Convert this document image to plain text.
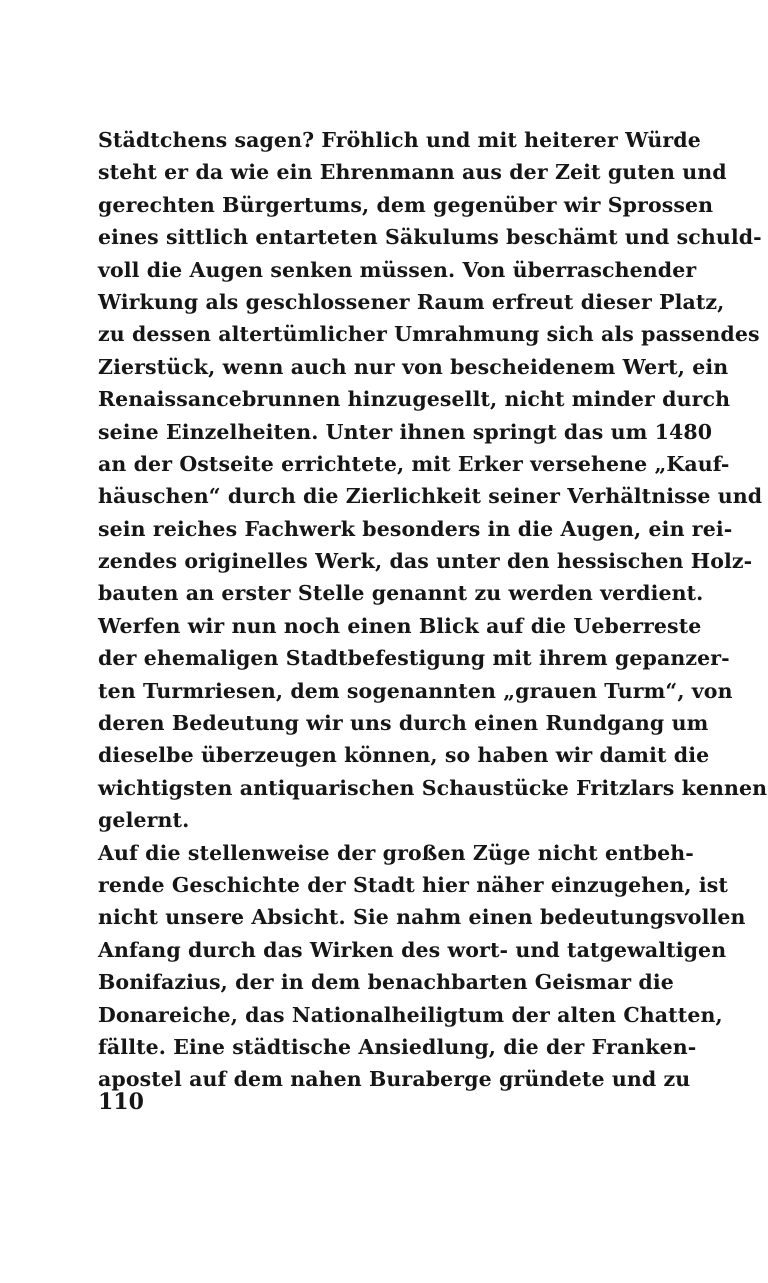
Städtchens sagen? Fröhlich und mit heiterer Würde
steht er da wie ein Ehrenmann aus der Zeit guten und
gerechten Bürgertums, dem gegenüber wir Sprossen
eines sittlich entarteten Säkulums beschämt und schuld-
voll die Augen senken müssen. Von überraschender
Wirkung als geschlossener Raum erfreut dieser Platz,
zu dessen altertümlicher Umrahmung sich als passendes
Zierstück, wenn auch nur von bescheidenem Wert, ein
Renaissancebrunnen hinzugesellt, nicht minder durch
seine Einzelheiten. Unter ihnen springt das um 1480
an der Ostseite errichtete, mit Erker versehene „Kauf-
häuschen“ durch die Zierlichkeit seiner Verhältnisse und
sein reiches Fachwerk besonders in die Augen, ein rei-
zendes originelles Werk, das unter den hessischen Holz-
bauten an erster Stelle genannt zu werden verdient.
Werfen wir nun noch einen Blick auf die Ueberreste
der ehemaligen Stadtbefestigung mit ihrem gepanzer-
ten Turmriesen, dem sogenannten „grauen Turm“, von
deren Bedeutung wir uns durch einen Rundgang um
dieselbe überzeugen können, so haben wir damit die
wichtigsten antiquarischen Schaustücke Fritzlars kennen
gelernt.
Auf die stellenweise der großen Züge nicht entbeh-
rende Geschichte der Stadt hier näher einzugehen, ist
nicht unsere Absicht. Sie nahm einen bedeutungsvollen
Anfang durch das Wirken des wort- und tatgewaltigen
Bonifazius, der in dem benachbarten Geismar die
Donareiche, das Nationalheiligtum der alten Chatten,
fällte. Eine städtische Ansiedlung, die der Franken-
apostel auf dem nahen Buraberge gründete und zu
110
